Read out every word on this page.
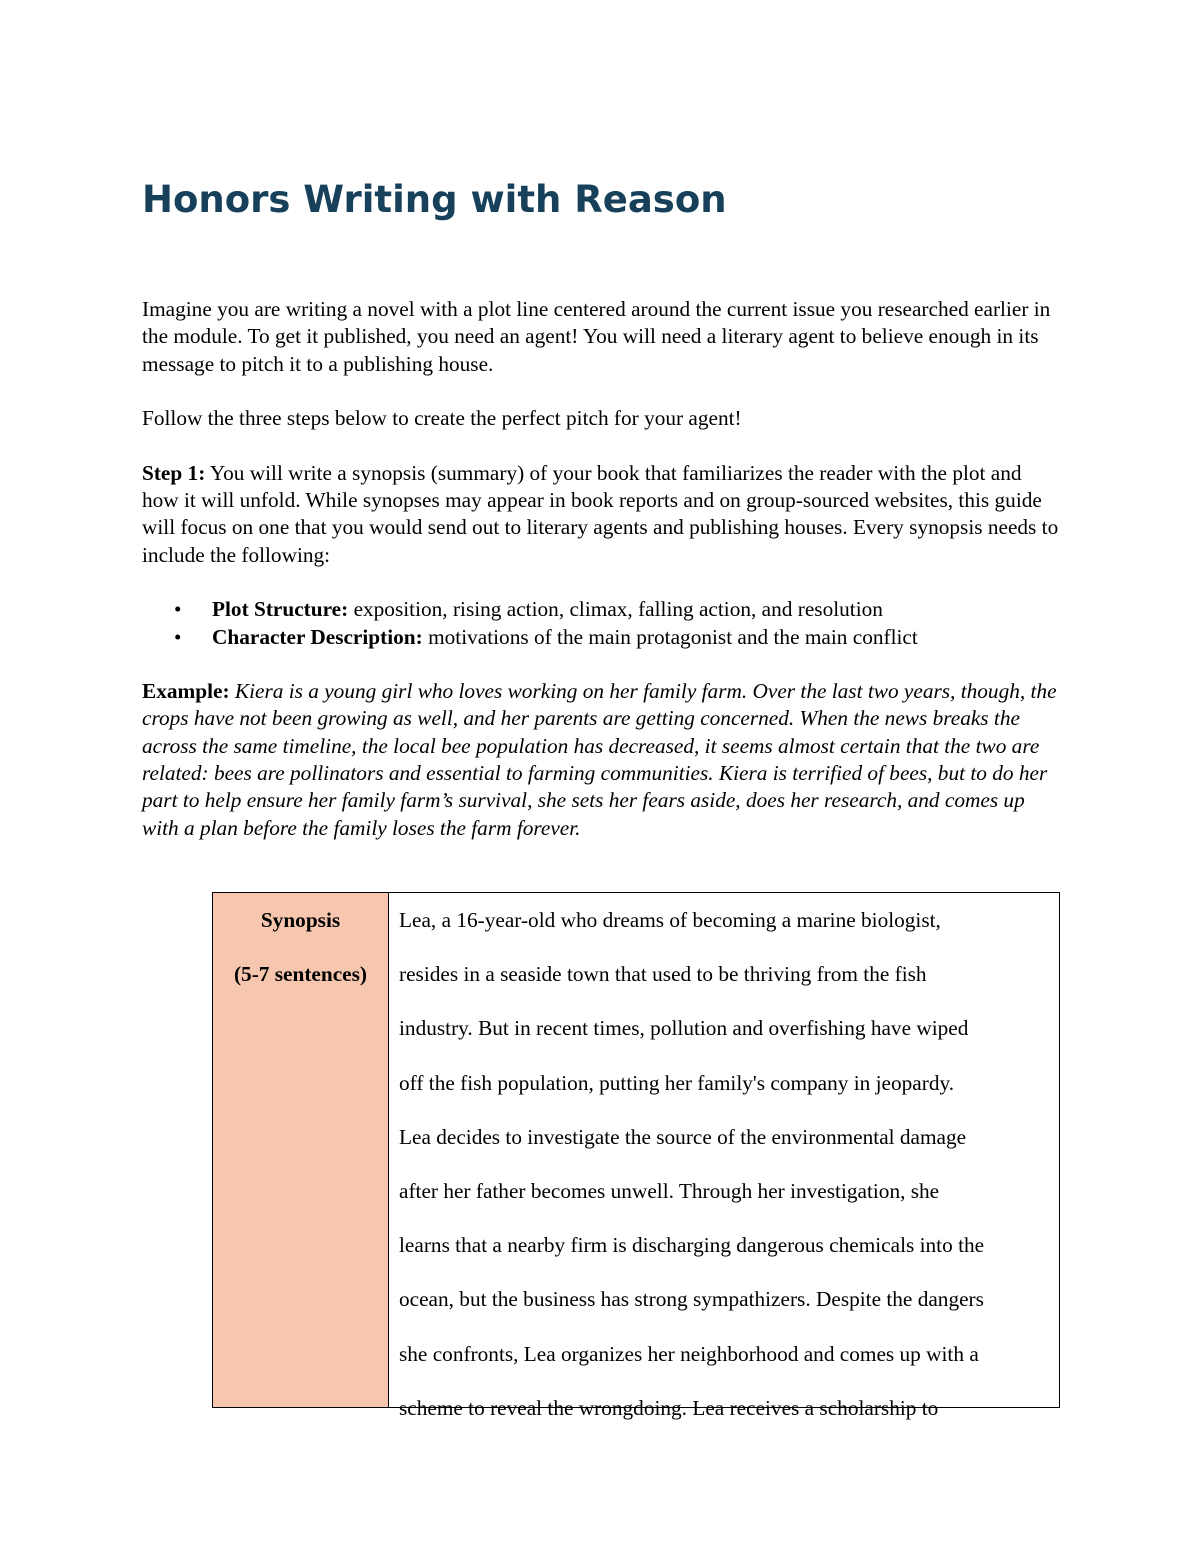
Honors Writing with Reason

Imagine you are writing a novel with a plot line centered around the current issue you researched earlier in the module. To get it published, you need an agent! You will need a literary agent to believe enough in its message to pitch it to a publishing house.

Follow the three steps below to create the perfect pitch for your agent!

Step 1: You will write a synopsis (summary) of your book that familiarizes the reader with the plot and how it will unfold. While synopses may appear in book reports and on group-sourced websites, this guide will focus on one that you would send out to literary agents and publishing houses. Every synopsis needs to include the following:

• Plot Structure: exposition, rising action, climax, falling action, and resolution
• Character Description: motivations of the main protagonist and the main conflict

Example: Kiera is a young girl who loves working on her family farm. Over the last two years, though, the crops have not been growing as well, and her parents are getting concerned. When the news breaks the across the same timeline, the local bee population has decreased, it seems almost certain that the two are related: bees are pollinators and essential to farming communities. Kiera is terrified of bees, but to do her part to help ensure her family farm’s survival, she sets her fears aside, does her research, and comes up with a plan before the family loses the farm forever.

Synopsis
(5-7 sentences)
Lea, a 16-year-old who dreams of becoming a marine biologist,
resides in a seaside town that used to be thriving from the fish
industry. But in recent times, pollution and overfishing have wiped
off the fish population, putting her family's company in jeopardy.
Lea decides to investigate the source of the environmental damage
after her father becomes unwell. Through her investigation, she
learns that a nearby firm is discharging dangerous chemicals into the
ocean, but the business has strong sympathizers. Despite the dangers
she confronts, Lea organizes her neighborhood and comes up with a
scheme to reveal the wrongdoing. Lea receives a scholarship to
